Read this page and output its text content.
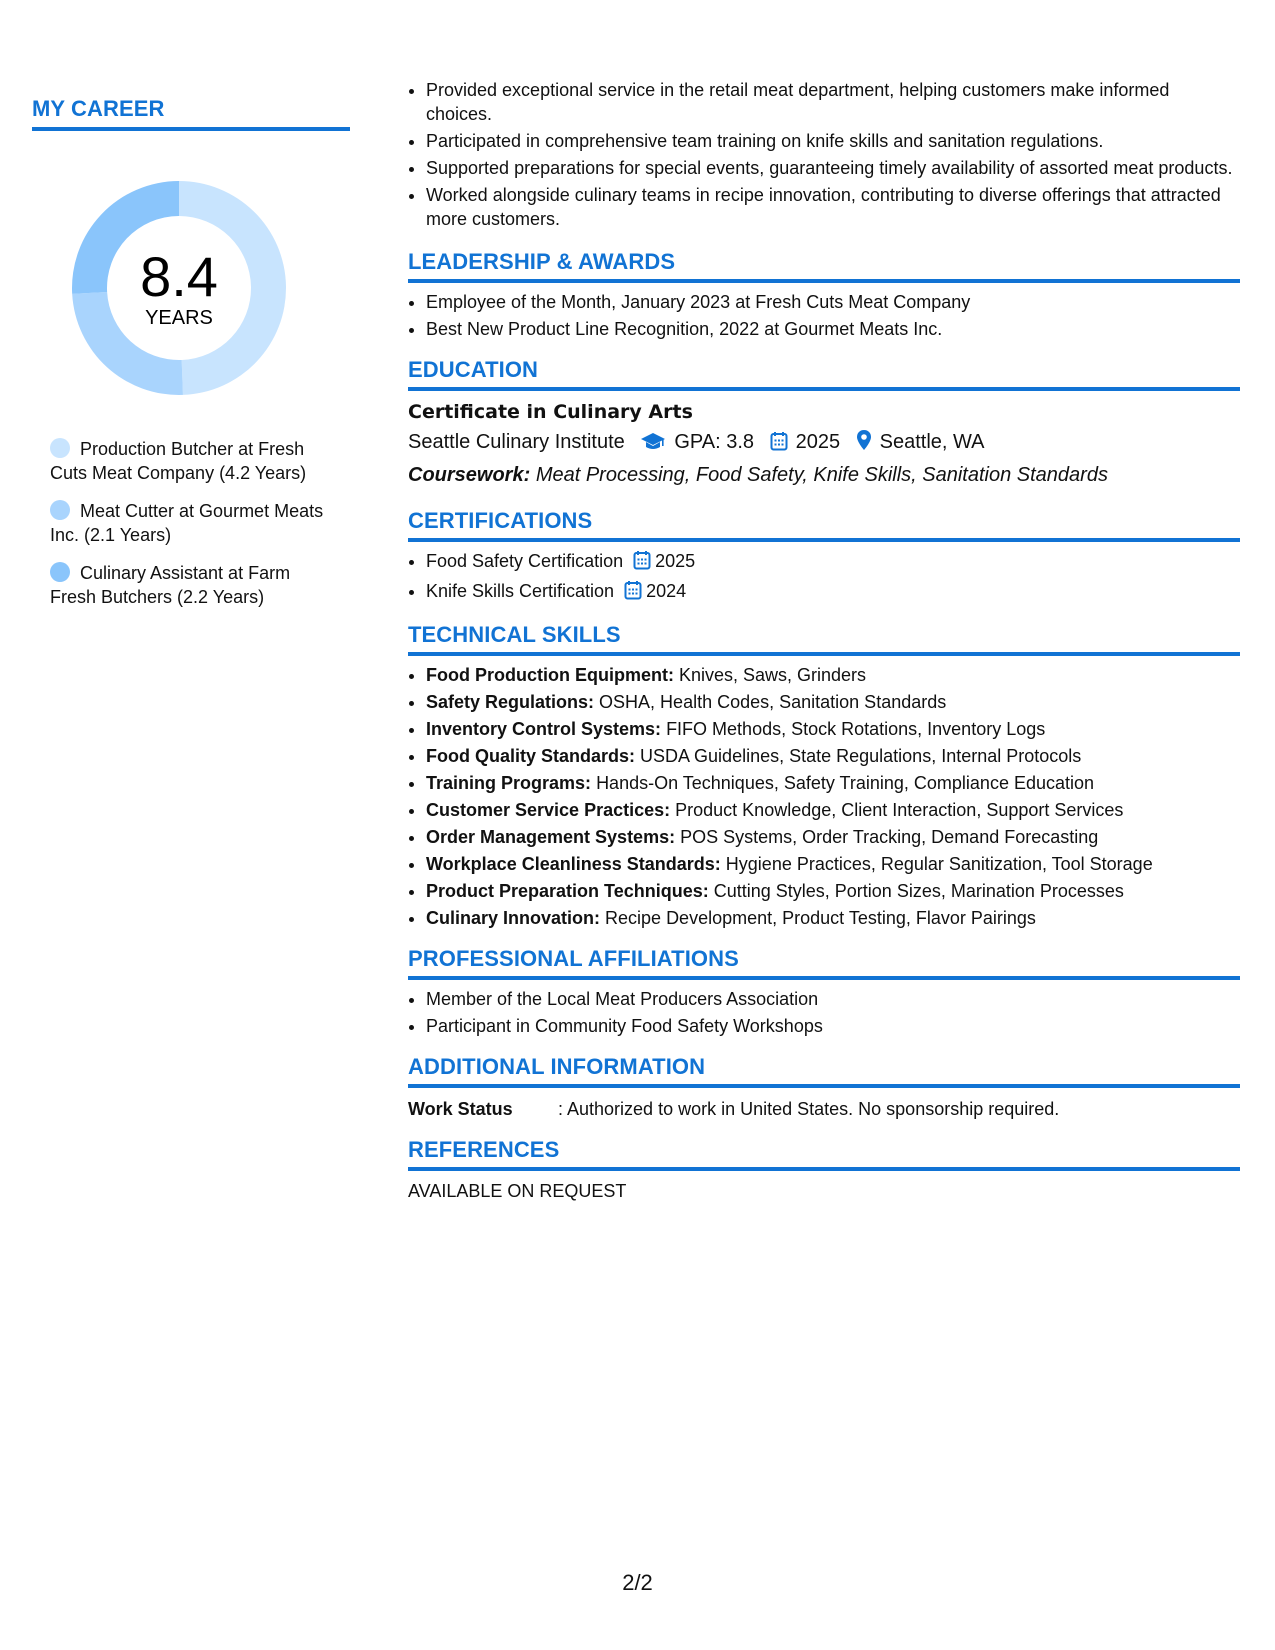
MY CAREER
8.4
YEARS
Production Butcher at Fresh Cuts Meat Company (4.2 Years)
Meat Cutter at Gourmet Meats Inc. (2.1 Years)
Culinary Assistant at Farm Fresh Butchers (2.2 Years)
• Provided exceptional service in the retail meat department, helping customers make informed choices.
• Participated in comprehensive team training on knife skills and sanitation regulations.
• Supported preparations for special events, guaranteeing timely availability of assorted meat products.
• Worked alongside culinary teams in recipe innovation, contributing to diverse offerings that attracted more customers.
LEADERSHIP & AWARDS
• Employee of the Month, January 2023 at Fresh Cuts Meat Company
• Best New Product Line Recognition, 2022 at Gourmet Meats Inc.
EDUCATION
Certificate in Culinary Arts
Seattle Culinary Institute GPA: 3.8 2025 Seattle, WA
Coursework: Meat Processing, Food Safety, Knife Skills, Sanitation Standards
CERTIFICATIONS
• Food Safety Certification 2025
• Knife Skills Certification 2024
TECHNICAL SKILLS
• Food Production Equipment: Knives, Saws, Grinders
• Safety Regulations: OSHA, Health Codes, Sanitation Standards
• Inventory Control Systems: FIFO Methods, Stock Rotations, Inventory Logs
• Food Quality Standards: USDA Guidelines, State Regulations, Internal Protocols
• Training Programs: Hands-On Techniques, Safety Training, Compliance Education
• Customer Service Practices: Product Knowledge, Client Interaction, Support Services
• Order Management Systems: POS Systems, Order Tracking, Demand Forecasting
• Workplace Cleanliness Standards: Hygiene Practices, Regular Sanitization, Tool Storage
• Product Preparation Techniques: Cutting Styles, Portion Sizes, Marination Processes
• Culinary Innovation: Recipe Development, Product Testing, Flavor Pairings
PROFESSIONAL AFFILIATIONS
• Member of the Local Meat Producers Association
• Participant in Community Food Safety Workshops
ADDITIONAL INFORMATION
Work Status	: Authorized to work in United States. No sponsorship required.
REFERENCES
AVAILABLE ON REQUEST
2/2
